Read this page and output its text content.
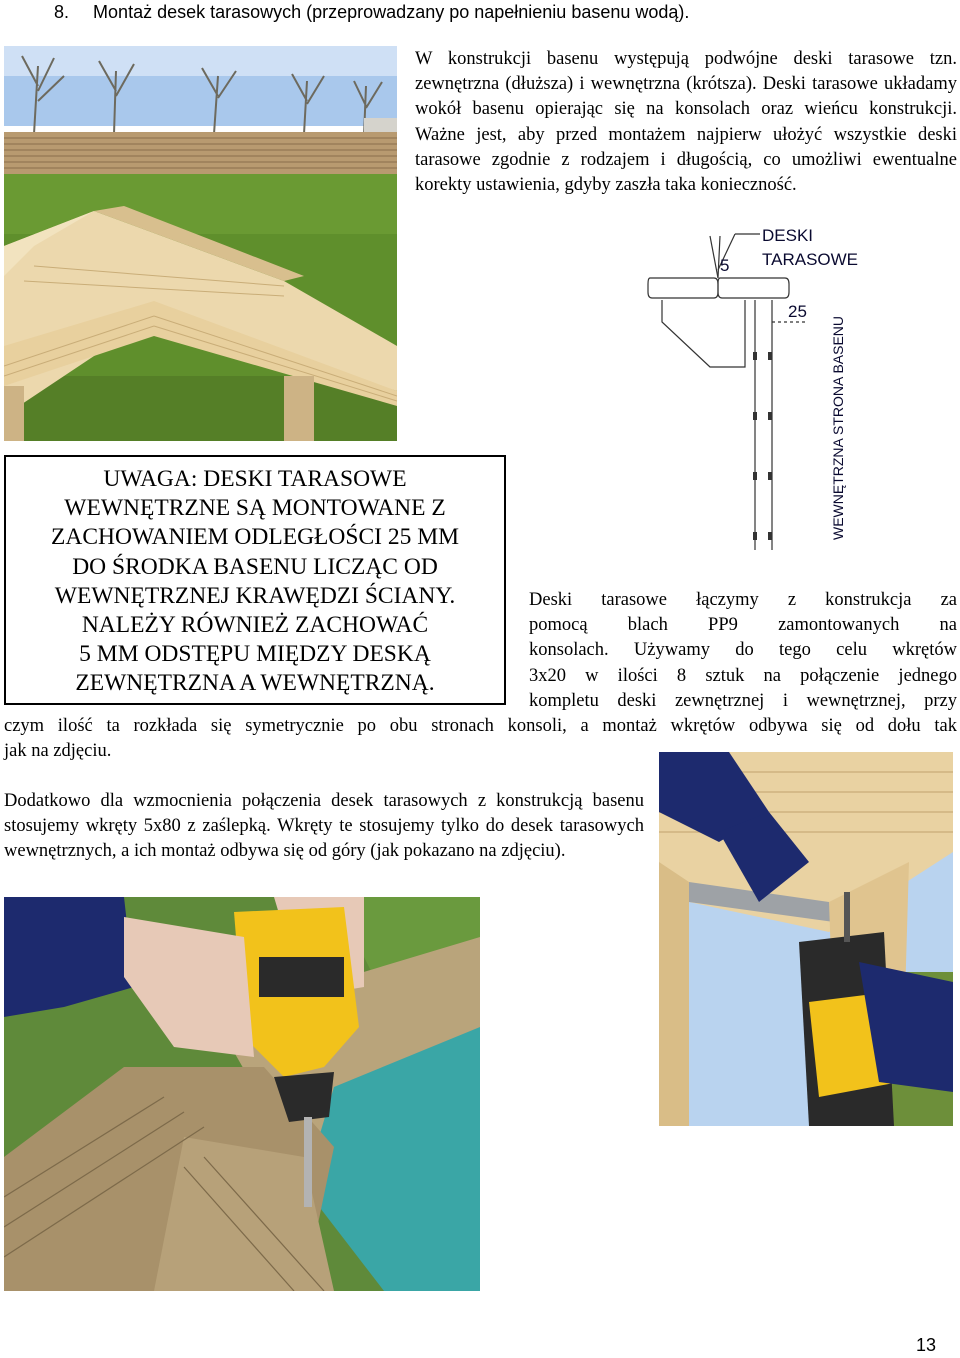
8. Montaż desek tarasowych (przeprowadzany po napełnieniu basenu wodą).
W konstrukcji basenu występują podwójne deski tarasowe tzn. zewnętrzna (dłuższa) i wewnętrzna (krótsza). Deski tarasowe układamy wokół basenu opierając się na konsolach oraz wieńcu konstrukcji. Ważne jest, aby przed montażem najpierw ułożyć wszystkie deski tarasowe zgodnie z rodzajem i długością, co umożliwi ewentualne korekty ustawienia, gdyby zaszła taka konieczność.
5
DESKI
TARASOWE
25
WEWNĘTRZNA STRONA BASENU
UWAGA: DESKI TARASOWE
WEWNĘTRZNE SĄ MONTOWANE Z
ZACHOWANIEM ODLEGŁOŚCI 25 MM
DO ŚRODKA BASENU LICZĄC OD
WEWNĘTRZNEJ KRAWĘDZI ŚCIANY.
NALEŻY RÓWNIEŻ ZACHOWAĆ
5 MM ODSTĘPU MIĘDZY DESKĄ
ZEWNĘTRZNA A WEWNĘTRZNĄ.
Deski tarasowe łączymy z konstrukcja za
pomocą blach PP9 zamontowanych na
konsolach. Używamy do tego celu wkrętów
3x20 w ilości 8 sztuk na połączenie jednego
kompletu deski zewnętrznej i wewnętrznej, przy
czym ilość ta rozkłada się symetrycznie po obu stronach konsoli, a montaż wkrętów odbywa się od dołu tak
jak na zdjęciu.
Dodatkowo dla wzmocnienia połączenia desek tarasowych z konstrukcją basenu stosujemy wkręty 5x80 z zaślepką. Wkręty te stosujemy tylko do desek tarasowych wewnętrznych, a ich montaż odbywa się od góry (jak pokazano na zdjęciu).
13
